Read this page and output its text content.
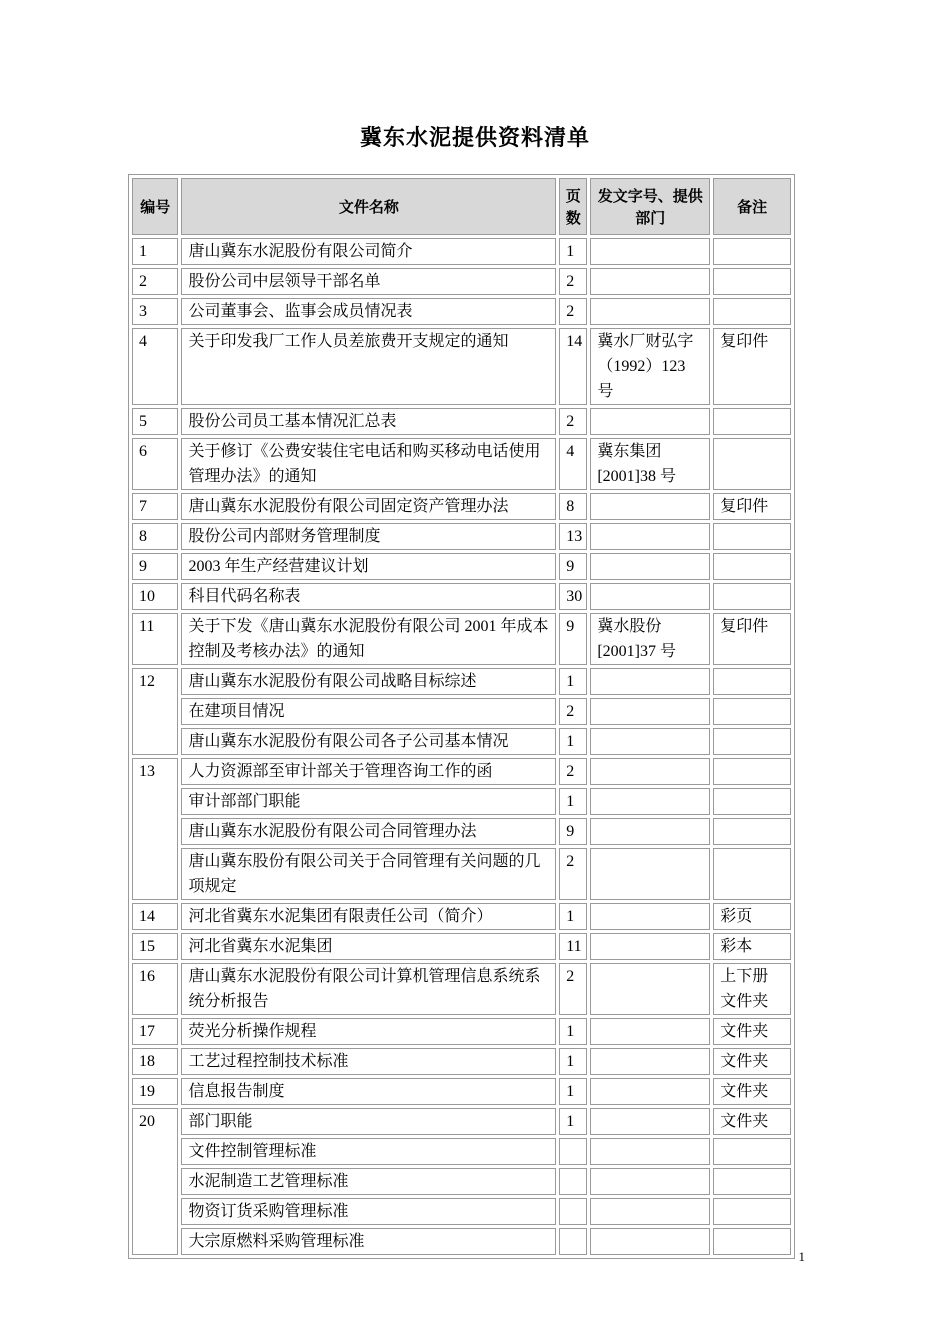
冀东水泥提供资料清单
编号	文件名称	页数	发文字号、提供部门	备注
1	唐山冀东水泥股份有限公司简介	1		
2	股份公司中层领导干部名单	2		
3	公司董事会、监事会成员情况表	2		
4	关于印发我厂工作人员差旅费开支规定的通知	14	冀水厂财弘字（1992）123 号	复印件
5	股份公司员工基本情况汇总表	2		
6	关于修订《公费安装住宅电话和购买移动电话使用管理办法》的通知	4	冀东集团[2001]38 号	
7	唐山冀东水泥股份有限公司固定资产管理办法	8		复印件
8	股份公司内部财务管理制度	13		
9	2003 年生产经营建议计划	9		
10	科目代码名称表	30		
11	关于下发《唐山冀东水泥股份有限公司 2001 年成本控制及考核办法》的通知	9	冀水股份[2001]37 号	复印件
12	唐山冀东水泥股份有限公司战略目标综述	1		
	在建项目情况	2		
	唐山冀东水泥股份有限公司各子公司基本情况	1		
13	人力资源部至审计部关于管理咨询工作的函	2		
	审计部部门职能	1		
	唐山冀东水泥股份有限公司合同管理办法	9		
	唐山冀东股份有限公司关于合同管理有关问题的几项规定	2		
14	河北省冀东水泥集团有限责任公司（简介）	1		彩页
15	河北省冀东水泥集团	11		彩本
16	唐山冀东水泥股份有限公司计算机管理信息系统系统分析报告	2		上下册文件夹
17	荧光分析操作规程	1		文件夹
18	工艺过程控制技术标准	1		文件夹
19	信息报告制度	1		文件夹
20	部门职能	1		文件夹
	文件控制管理标准			
	水泥制造工艺管理标准			
	物资订货采购管理标准			
	大宗原燃料采购管理标准			
1
